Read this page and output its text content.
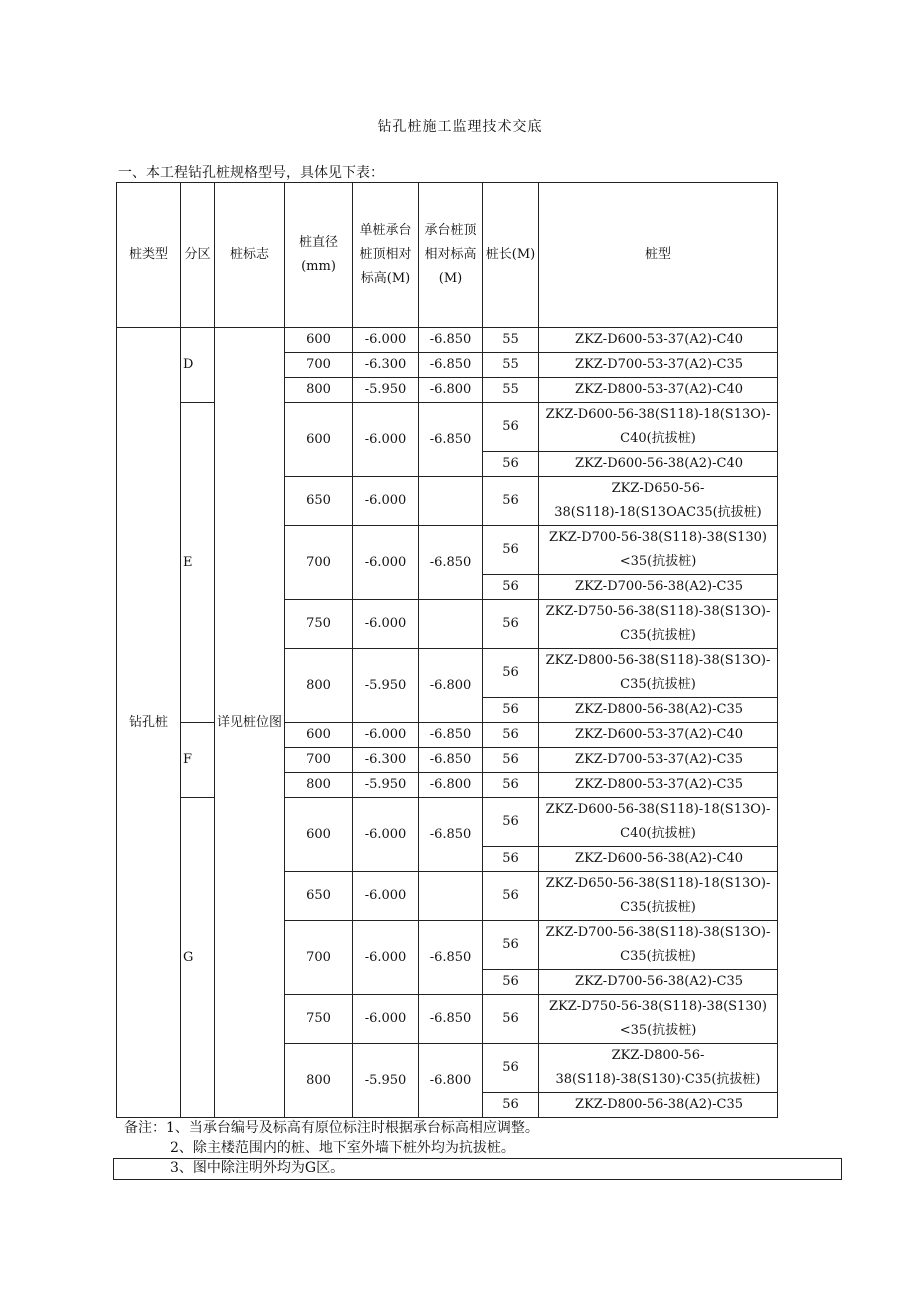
钻孔桩施工监理技术交底
一、本工程钻孔桩规格型号，具体见下表：
桩类型	分区	桩标志	桩直径(mm)	单桩承台桩顶相对标高(M)	承台桩顶相对标高(M)	桩长(M)	桩型
钻孔桩	D	详见桩位图	600	-6.000	-6.850	55	ZKZ-D600-53-37(A2)-C40
			700	-6.300	-6.850	55	ZKZ-D700-53-37(A2)-C35
			800	-5.950	-6.800	55	ZKZ-D800-53-37(A2)-C40
	E		600	-6.000	-6.850	56	ZKZ-D600-56-38(S118)-18(S13O)-C40(抗拔桩)
						56	ZKZ-D600-56-38(A2)-C40
			650	-6.000		56	ZKZ-D650-56-38(S118)-18(S13OAC35(抗拔桩)
			700	-6.000	-6.850	56	ZKZ-D700-56-38(S118)-38(S130)<35(抗拔桩)
						56	ZKZ-D700-56-38(A2)-C35
			750	-6.000		56	ZKZ-D750-56-38(S118)-38(S13O)-C35(抗拔桩)
			800	-5.950	-6.800	56	ZKZ-D800-56-38(S118)-38(S13O)-C35(抗拔桩)
						56	ZKZ-D800-56-38(A2)-C35
	F		600	-6.000	-6.850	56	ZKZ-D600-53-37(A2)-C40
			700	-6.300	-6.850	56	ZKZ-D700-53-37(A2)-C35
			800	-5.950	-6.800	56	ZKZ-D800-53-37(A2)-C35
	G		600	-6.000	-6.850	56	ZKZ-D600-56-38(S118)-18(S13O)-C40(抗拔桩)
						56	ZKZ-D600-56-38(A2)-C40
			650	-6.000		56	ZKZ-D650-56-38(S118)-18(S13O)-C35(抗拔桩)
			700	-6.000	-6.850	56	ZKZ-D700-56-38(S118)-38(S13O)-C35(抗拔桩)
						56	ZKZ-D700-56-38(A2)-C35
			750	-6.000	-6.850	56	ZKZ-D750-56-38(S118)-38(S130)<35(抗拔桩)
			800	-5.950	-6.800	56	ZKZ-D800-56-38(S118)-38(S130)·C35(抗拔桩)
						56	ZKZ-D800-56-38(A2)-C35
备注：1、当承台编号及标高有原位标注时根据承台标高相应调整。
2、除主楼范围内的桩、地下室外墙下桩外均为抗拔桩。
3、图中除注明外均为G区。
